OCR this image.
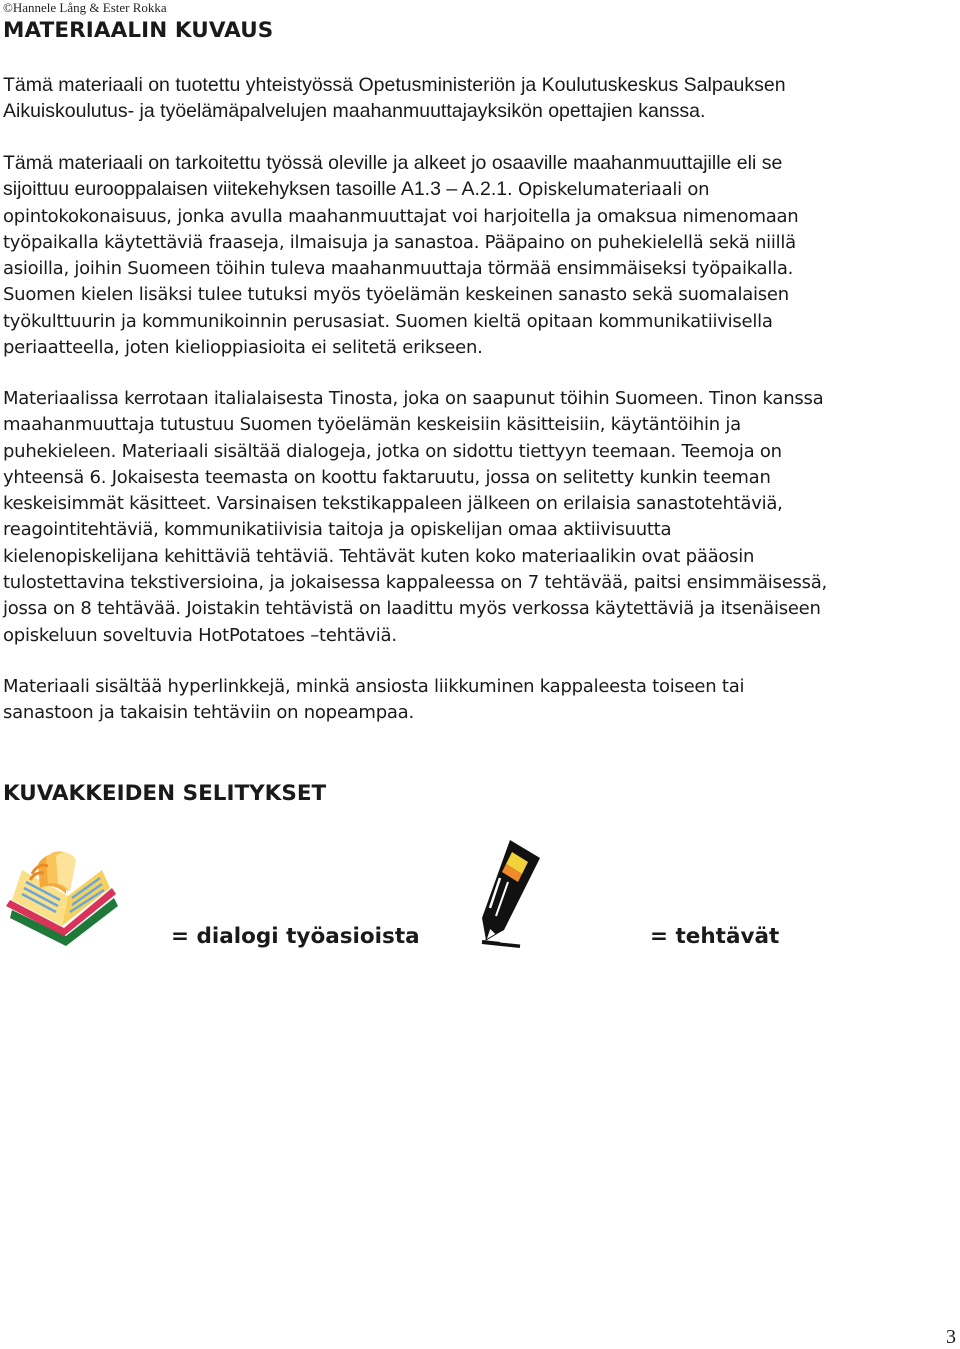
©Hannele Lång & Ester Rokka
MATERIAALIN KUVAUS

Tämä materiaali on tuotettu yhteistyössä Opetusministeriön ja Koulutuskeskus Salpauksen
Aikuiskoulutus- ja työelämäpalvelujen maahanmuuttajayksikön opettajien kanssa.

Tämä materiaali on tarkoitettu työssä oleville ja alkeet jo osaaville maahanmuuttajille eli se
sijoittuu eurooppalaisen viitekehyksen tasoille A1.3 – A.2.1. Opiskelumateriaali on
opintokokonaisuus, jonka avulla maahanmuuttajat voi harjoitella ja omaksua nimenomaan
työpaikalla käytettäviä fraaseja, ilmaisuja ja sanastoa. Pääpaino on puhekielellä sekä niillä
asioilla, joihin Suomeen töihin tuleva maahanmuuttaja törmää ensimmäiseksi työpaikalla.
Suomen kielen lisäksi tulee tutuksi myös työelämän keskeinen sanasto sekä suomalaisen
työkulttuurin ja kommunikoinnin perusasiat. Suomen kieltä opitaan kommunikatiivisella
periaatteella, joten kielioppiasioita ei selitetä erikseen.

Materiaalissa kerrotaan italialaisesta Tinosta, joka on saapunut töihin Suomeen. Tinon kanssa
maahanmuuttaja tutustuu Suomen työelämän keskeisiin käsitteisiin, käytäntöihin ja
puhekieleen. Materiaali sisältää dialogeja, jotka on sidottu tiettyyn teemaan. Teemoja on
yhteensä 6. Jokaisesta teemasta on koottu faktaruutu, jossa on selitetty kunkin teeman
keskeisimmät käsitteet. Varsinaisen tekstikappaleen jälkeen on erilaisia sanastotehtäviä,
reagointitehtäviä, kommunikatiivisia taitoja ja opiskelijan omaa aktiivisuutta
kielenopiskelijana kehittäviä tehtäviä. Tehtävät kuten koko materiaalikin ovat pääosin
tulostettavina tekstiversioina, ja jokaisessa kappaleessa on 7 tehtävää, paitsi ensimmäisessä,
jossa on 8 tehtävää. Joistakin tehtävistä on laadittu myös verkossa käytettäviä ja itsenäiseen
opiskeluun soveltuvia HotPotatoes –tehtäviä.

Materiaali sisältää hyperlinkkejä, minkä ansiosta liikkuminen kappaleesta toiseen tai
sanastoon ja takaisin tehtäviin on nopeampaa.

KUVAKKEIDEN SELITYKSET
= dialogi työasioista	= tehtävät
3
